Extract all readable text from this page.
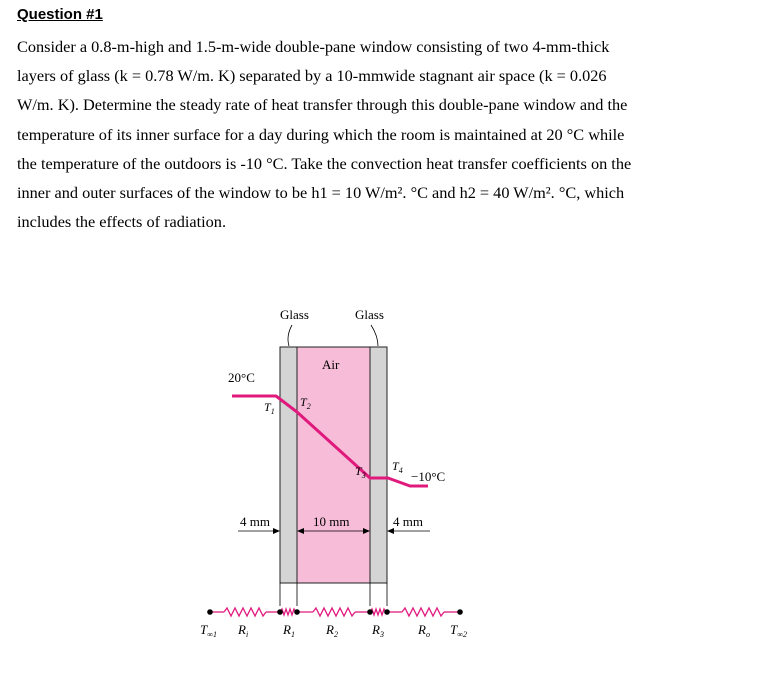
Question #1

Consider a 0.8-m-high and 1.5-m-wide double-pane window consisting of two 4-mm-thick

layers of glass (k = 0.78 W/m. K) separated by a 10-mmwide stagnant air space (k = 0.026

W/m. K). Determine the steady rate of heat transfer through this double-pane window and the

temperature of its inner surface for a day during which the room is maintained at 20 °C while

the temperature of the outdoors is -10 °C. Take the convection heat transfer coefficients on the

inner and outer surfaces of the window to be h1 = 10 W/m². °C and h2 = 40 W/m². °C, which

includes the effects of radiation.

Glass	Glass
Air
20°C
−10°C
$T_1$
$T_2$
$T_3$
$T_4$
4 mm	10 mm	4 mm
$T_{\infty 1}$ $R_i$	$R_1$ $R_2$	$R_3$	$R_o$ $T_{\infty 2}$
